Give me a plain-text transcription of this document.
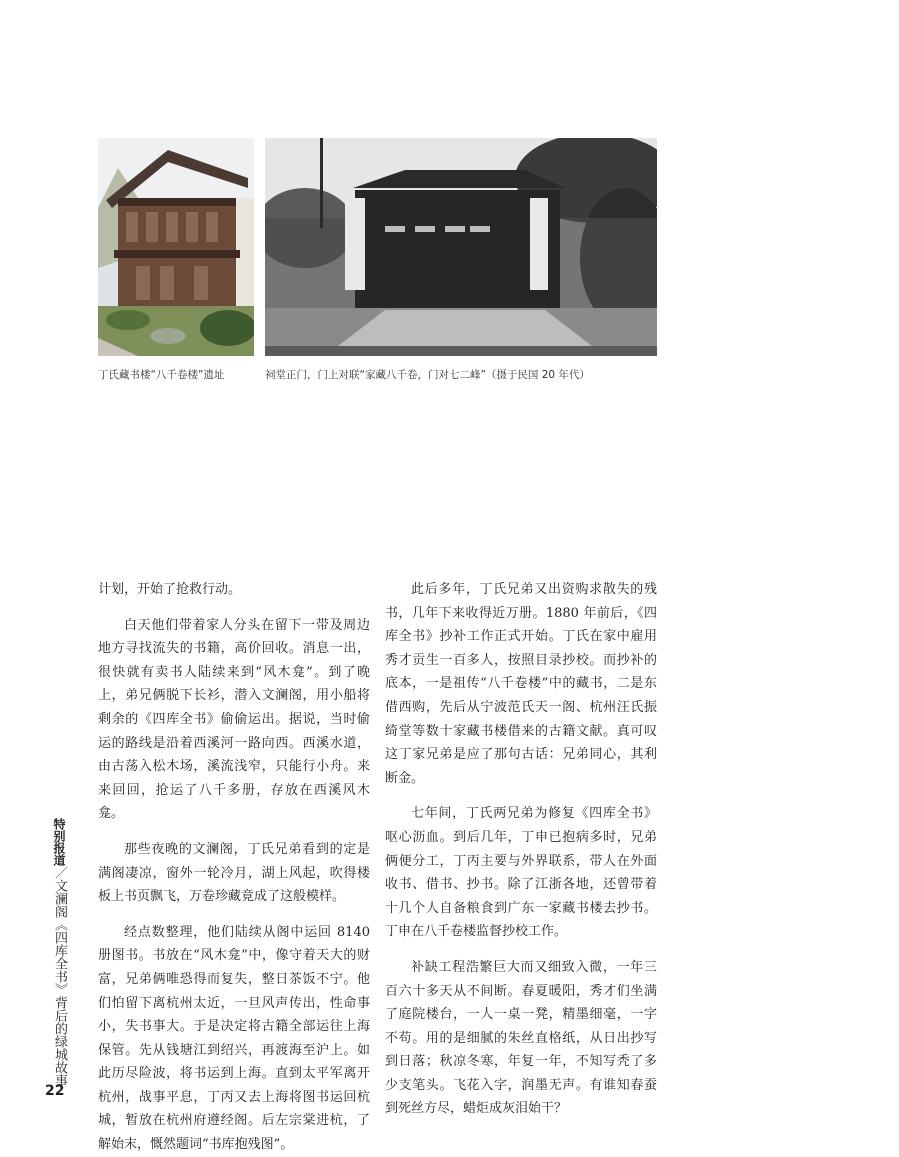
丁氏藏书楼“八千卷楼”遗址	祠堂正门，门上对联“家藏八千卷，门对七二峰”（摄于民国 20 年代）

计划，开始了抢救行动。

白天他们带着家人分头在留下一带及周边地方寻找流失的书籍，高价回收。消息一出，很快就有卖书人陆续来到“风木龛”。到了晚上，弟兄俩脱下长衫，潜入文澜阁，用小船将剩余的《四库全书》偷偷运出。据说，当时偷运的路线是沿着西溪河一路向西。西溪水道，由古荡入松木场，溪流浅窄，只能行小舟。来来回回，抢运了八千多册，存放在西溪风木龛。

那些夜晚的文澜阁，丁氏兄弟看到的定是满阁凄凉，窗外一轮冷月，湖上风起，吹得楼板上书页飘飞，万卷珍藏竟成了这般模样。

经点数整理，他们陆续从阁中运回 8140 册图书。书放在“风木龛”中，像守着天大的财富，兄弟俩唯恐得而复失，整日茶饭不宁。他们怕留下离杭州太近，一旦风声传出，性命事小，失书事大。于是决定将古籍全部运往上海保管。先从钱塘江到绍兴，再渡海至沪上。如此历尽险波，将书运到上海。直到太平军离开杭州，战事平息，丁丙又去上海将图书运回杭城，暂放在杭州府遵经阁。后左宗棠进杭，了解始末，慨然题词“书库抱残图”。

此后多年，丁氏兄弟又出资购求散失的残书，几年下来收得近万册。1880 年前后，《四库全书》抄补工作正式开始。丁氏在家中雇用秀才贡生一百多人，按照目录抄校。而抄补的底本，一是祖传“八千卷楼”中的藏书，二是东借西购，先后从宁波范氏天一阁、杭州汪氏振绮堂等数十家藏书楼借来的古籍文献。真可叹这丁家兄弟是应了那句古话：兄弟同心，其利断金。

七年间，丁氏两兄弟为修复《四库全书》呕心沥血。到后几年，丁申已抱病多时，兄弟俩便分工，丁丙主要与外界联系，带人在外面收书、借书、抄书。除了江浙各地，还曾带着十几个人自备粮食到广东一家藏书楼去抄书。丁申在八千卷楼监督抄校工作。

补缺工程浩繁巨大而又细致入微，一年三百六十多天从不间断。春夏暖阳，秀才们坐满了庭院楼台，一人一桌一凳，精墨细毫，一字不苟。用的是细腻的朱丝直格纸，从日出抄写到日落；秋凉冬寒，年复一年，不知写秃了多少支笔头。飞花入字，润墨无声。有谁知春蚕到死丝方尽，蜡炬成灰泪始干？

特别报道／文澜阁《四库全书》背后的绿城故事
22
